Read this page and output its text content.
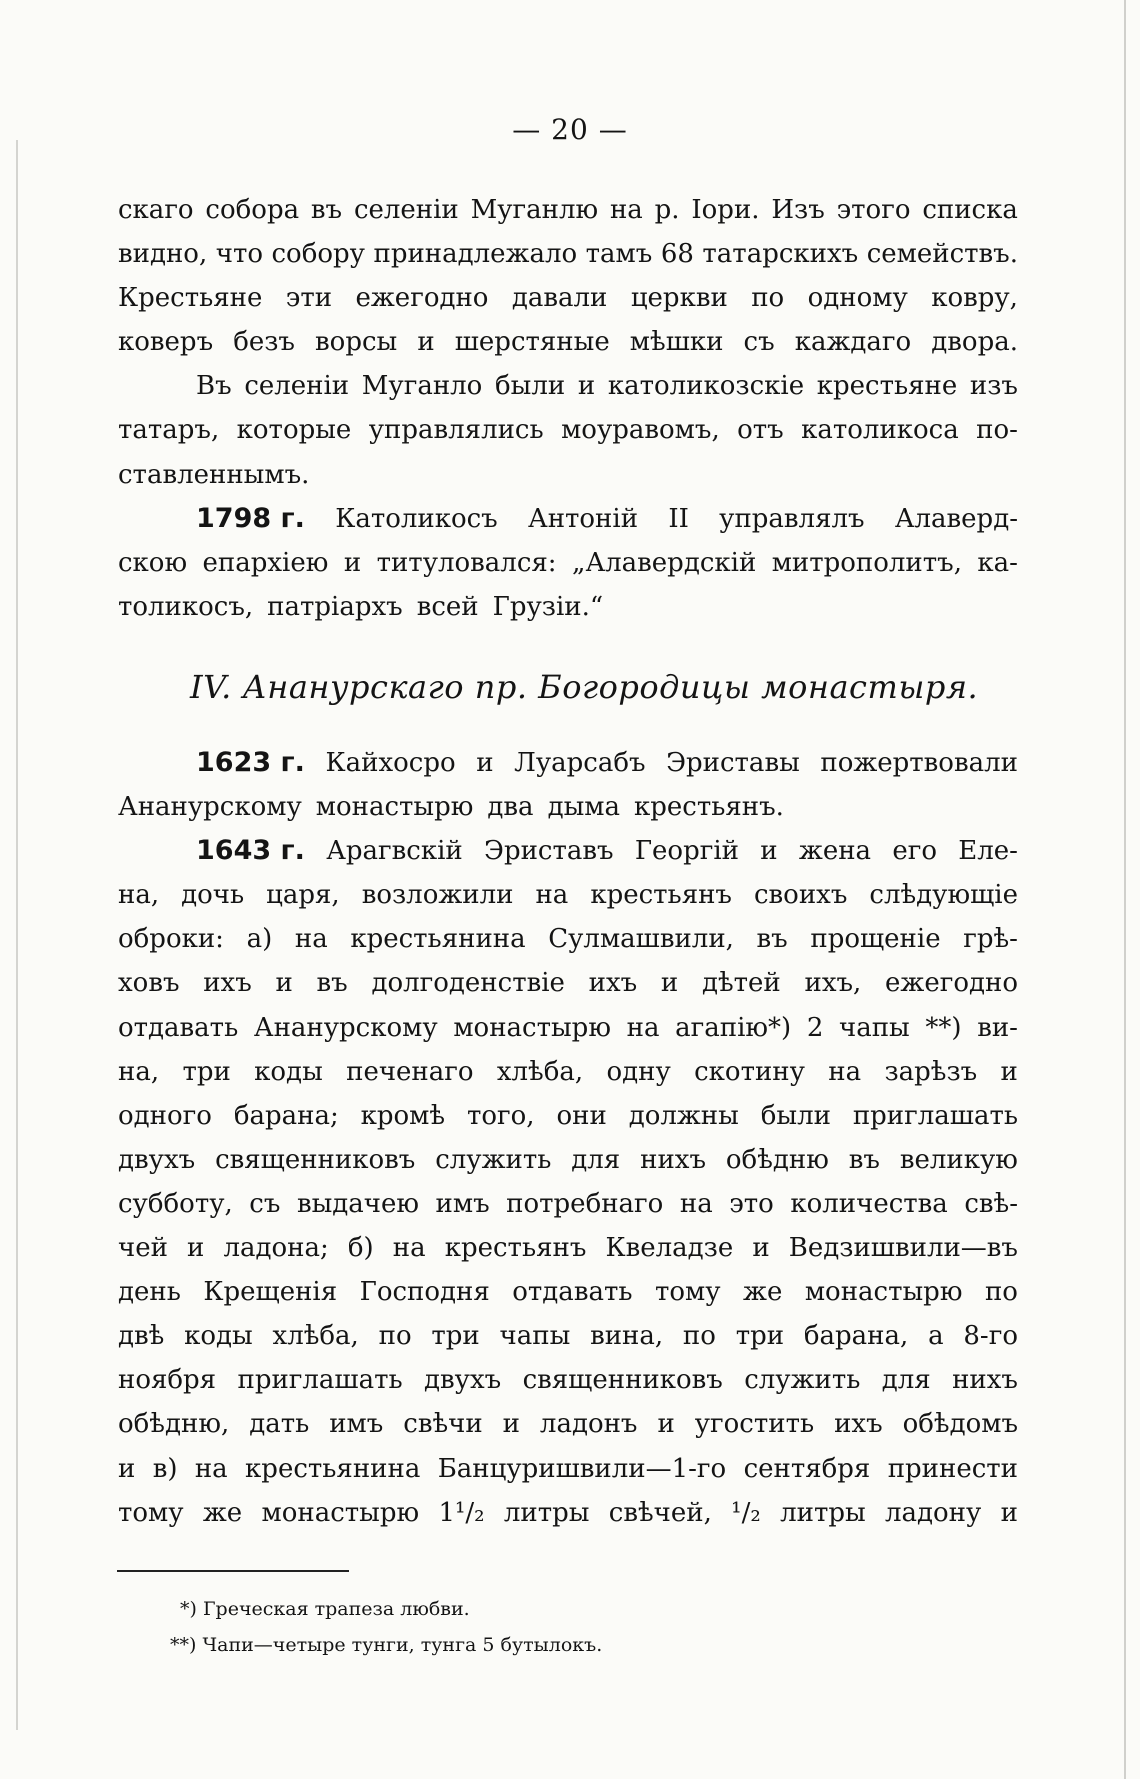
— 20 —
скаго собора въ селенiи Муганлю на р. Iори. Изъ этого списка
видно, что собору принадлежало тамъ 68 татарскихъ семействъ.
Крестьяне эти ежегодно давали церкви по одному ковру,
коверъ безъ ворсы и шерстяные мѣшки съ каждаго двора.
Въ селенiи Муганло были и католикозскiе крестьяне изъ
татаръ, которые управлялись моуравомъ, отъ католикоса по-
ставленнымъ.
1798 г. Католикосъ Антонiй II управлялъ Алаверд-
скою епархiею и титуловался: „Алавердскiй митрополитъ, ка-
толикосъ, патрiархъ всей Грузiи.“
IV. Ананурскаго пр. Богородицы монастыря.
1623 г. Кайхосро и Луарсабъ Эриставы пожертвовали
Ананурскому монастырю два дыма крестьянъ.
1643 г. Арагвскiй Эриставъ Георгiй и жена его Еле-
на, дочь царя, возложили на крестьянъ своихъ слѣдующiе
оброки: а) на крестьянина Сулмашвили, въ прощенiе грѣ-
ховъ ихъ и въ долгоденствiе ихъ и дѣтей ихъ, ежегодно
отдавать Ананурскому монастырю на агапiю*) 2 чапы **) ви-
на, три коды печенаго хлѣба, одну скотину на зарѣзъ и
одного барана; кромѣ того, они должны были приглашать
двухъ священниковъ служить для нихъ обѣдню въ великую
субботу, съ выдачею имъ потребнаго на это количества свѣ-
чей и ладона; б) на крестьянъ Квеладзе и Ведзишвили—въ
день Крещенiя Господня отдавать тому же монастырю по
двѣ коды хлѣба, по три чапы вина, по три барана, а 8-го
ноября приглашать двухъ священниковъ служить для нихъ
обѣдню, дать имъ свѣчи и ладонъ и угостить ихъ обѣдомъ
и в) на крестьянина Банцуришвили—1-го сентября принести
тому же монастырю 1¹/₂ литры свѣчей, ¹/₂ литры ладону и
*) Греческая трапеза любви.
**) Чапи—четыре тунги, тунга 5 бутылокъ.
